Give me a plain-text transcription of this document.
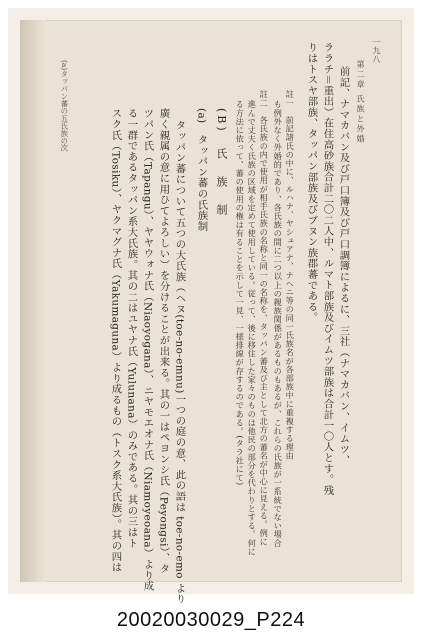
一九八
第二章 氏族と外婚
前記、ナマカバン及び戸口簿及び戸口調簿によるに、三社（ナマカバン、イムツ、
ララチ＝重出）在住高砂族合計二〇二人中、ルマト部族及びイムツ部族は合計一〇人とす。残
りはトスヤ部族、タッパン部族及びブヌン族郡蕃である。
註一　前記諸氏の中に、ルハナ、ヤシュアナ、ナヘニ等の同一氏族名が各部族中に重複する理由
も例外なく外婚的であり、各氏族の間に二つ以上の親族関係があるものもあるが、これらの氏族が一系統でない場合
註二　各氏族の内で使用が相手氏族の名称と同一の名称を、タッパン蕃及び主として北方の蕃名が中心に見える。例に
進んで丈夫く氏族の区域を定めて使用している。従って、後に移住した家々のものは他民の部分を代わりとする。何に
る方法に依って、蕃の使用の権は有ることを示して一見、一様排線が存するのである。(タラ社にて)
(B)　氏　族　制
(a)　タッパン蕃の氏族制
タッパン蕃について五つの大氏族（ヘヌ(toe-no-emnu)一つの庭の意、此の語は toe-no-emo より
廣く親属の意に用ひてよろしい）を分けることが出来る。其の一はペヨンシ氏（Peyongsi）、タ
ツパン氏（Tapangu）、ヤヤウォナ氏（Niaoyogana）、ニヤモエオナ氏（Niamoyeoana）より成
る一群であるタッパン系大氏族。其の二はユヤナ氏（Yulunana）のみである。其の三はト
スク氏（Tosiku）、ヤクマグナ氏（Yakumaguna）より成るもの（トスク系大氏族）。其の四は
(a)タッパン蕃の五氏族の次
20020030029_P224
